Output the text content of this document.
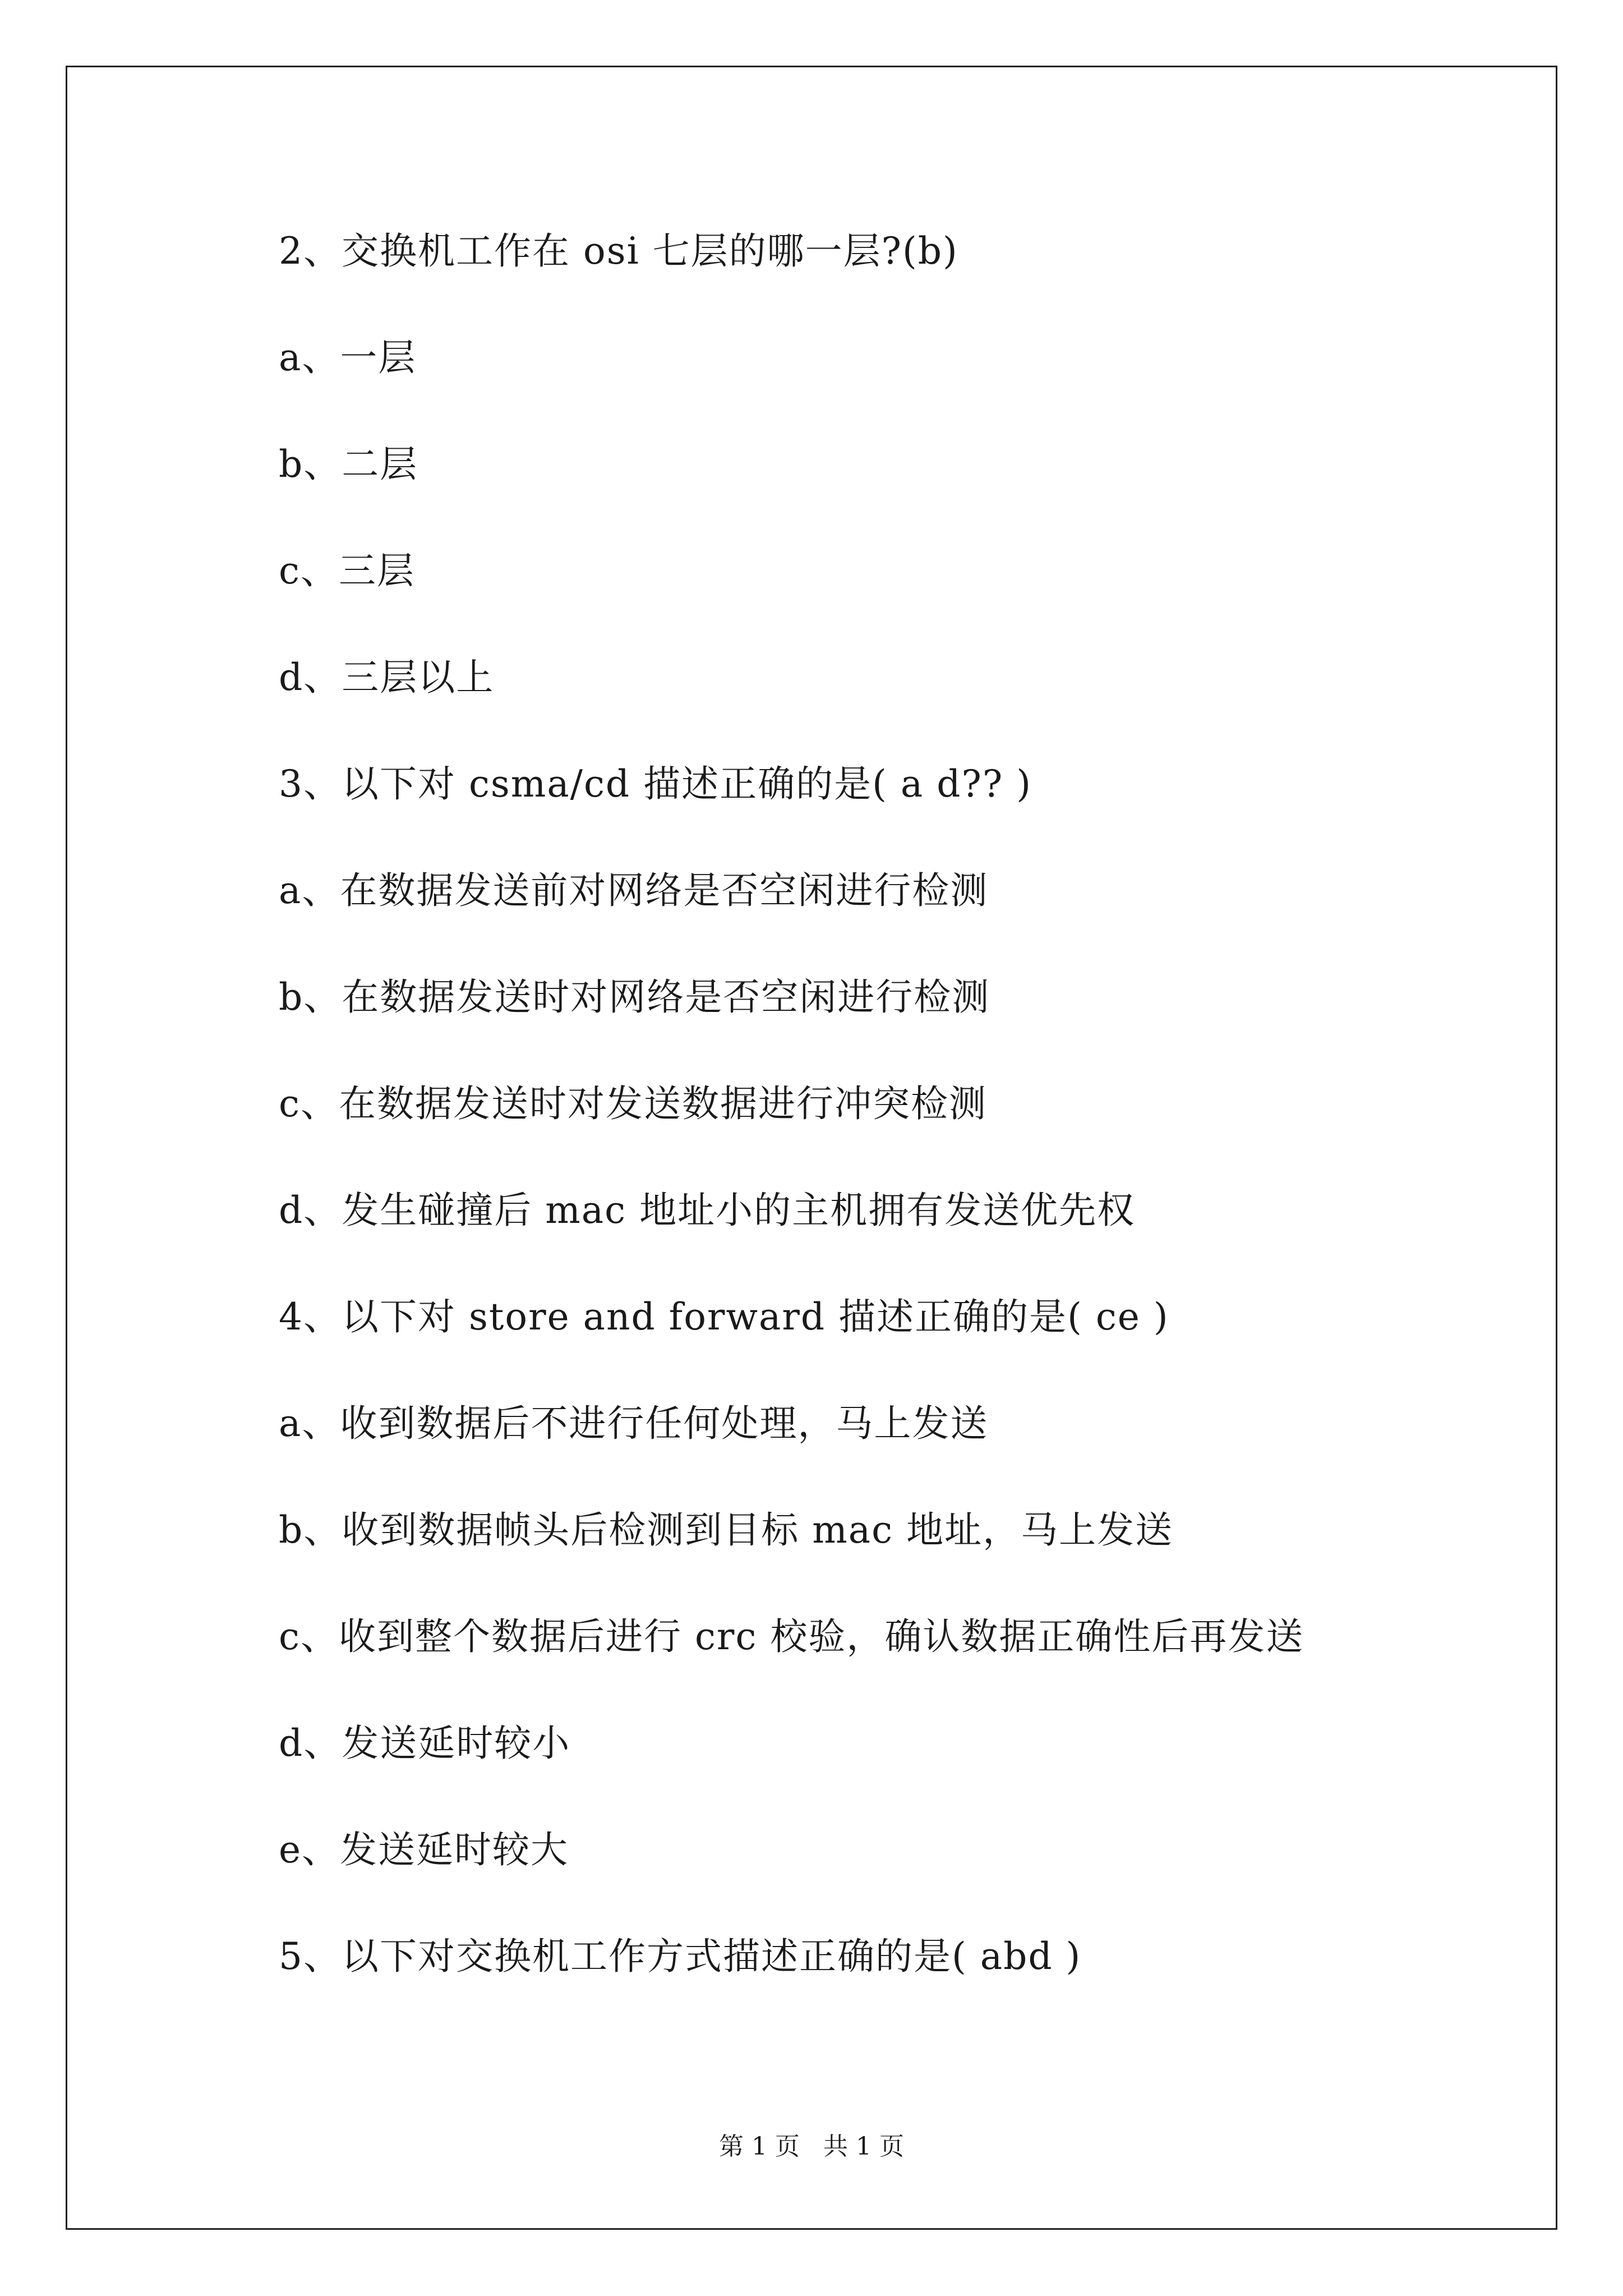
2、交换机工作在 osi 七层的哪一层?(b)
a、一层
b、二层
c、三层
d、三层以上
3、以下对 csma/cd 描述正确的是( a d?? )
a、在数据发送前对网络是否空闲进行检测
b、在数据发送时对网络是否空闲进行检测
c、在数据发送时对发送数据进行冲突检测
d、发生碰撞后 mac 地址小的主机拥有发送优先权
4、以下对 store and forward 描述正确的是( ce )
a、收到数据后不进行任何处理，马上发送
b、收到数据帧头后检测到目标 mac 地址，马上发送
c、收到整个数据后进行 crc 校验，确认数据正确性后再发送
d、发送延时较小
e、发送延时较大
5、以下对交换机工作方式描述正确的是( abd )
第 1 页   共 1 页
